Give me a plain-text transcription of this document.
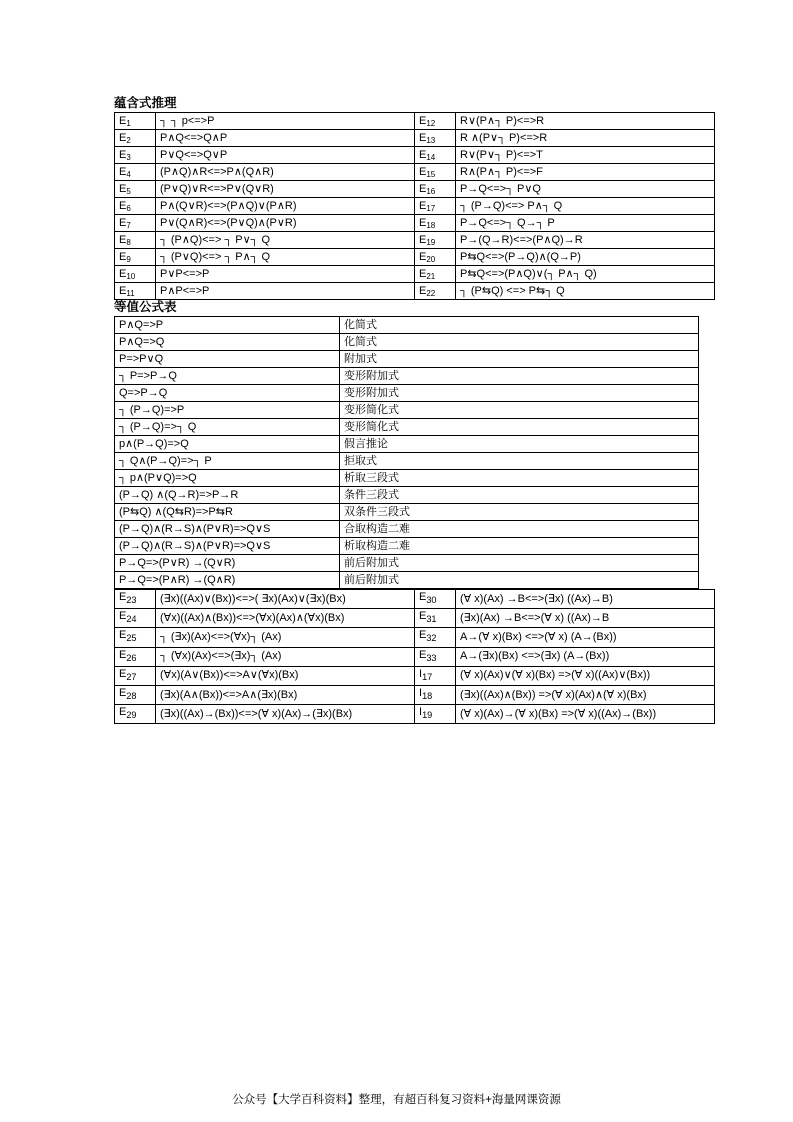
蕴含式推理
$E_1$	┐ ┐ p<=>P	$E_{12}$	R∨(P∧┐ P)<=>R
$E_2$	P∧Q<=>Q∧P	$E_{13}$	R ∧(P∨┐ P)<=>R
$E_3$	P∨Q<=>Q∨P	$E_{14}$	R∨(P∨┐ P)<=>T
$E_4$	(P∧Q)∧R<=>P∧(Q∧R)	$E_{15}$	R∧(P∧┐ P)<=>F
$E_5$	(P∨Q)∨R<=>P∨(Q∨R)	$E_{16}$	P→Q<=>┐ P∨Q
$E_6$	P∧(Q∨R)<=>(P∧Q)∨(P∧R)	$E_{17}$	┐ (P→Q)<=> P∧┐ Q
$E_7$	P∨(Q∧R)<=>(P∨Q)∧(P∨R)	$E_{18}$	P→Q<=>┐ Q→┐ P
$E_8$	┐ (P∧Q)<=> ┐ P∨┐ Q	$E_{19}$	P→(Q→R)<=>(P∧Q)→R
$E_9$	┐ (P∨Q)<=> ┐ P∧┐ Q	$E_{20}$	P⇆Q<=>(P→Q)∧(Q→P)
$E_{10}$	P∨P<=>P	$E_{21}$	P⇆Q<=>(P∧Q)∨(┐ P∧┐ Q)
$E_{11}$	P∧P<=>P	$E_{22}$	┐ (P⇆Q) <=> P⇆┐ Q
等值公式表
P∧Q=>P	化简式
P∧Q=>Q	化简式
P=>P∨Q	附加式
┐ P=>P→Q	变形附加式
Q=>P→Q	变形附加式
┐ (P→Q)=>P	变形简化式
┐ (P→Q)=>┐ Q	变形简化式
p∧(P→Q)=>Q	假言推论
┐ Q∧(P→Q)=>┐ P	拒取式
┐ p∧(P∨Q)=>Q	析取三段式
(P→Q) ∧(Q→R)=>P→R	条件三段式
(P⇆Q) ∧(Q⇆R)=>P⇆R	双条件三段式
(P→Q)∧(R→S)∧(P∨R)=>Q∨S	合取构造二难
(P→Q)∧(R→S)∧(P∨R)=>Q∨S	析取构造二难
P→Q=>(P∨R) →(Q∨R)	前后附加式
P→Q=>(P∧R) →(Q∧R)	前后附加式
$E_{23}$	(∃x)((Ax)∨(Bx))<=>( ∃x)(Ax)∨(∃x)(Bx)	$E_{30}$	(∀ x)(Ax) →B<=>(∃x) ((Ax)→B)
$E_{24}$	(∀x)((Ax)∧(Bx))<=>(∀x)(Ax)∧(∀x)(Bx)	$E_{31}$	(∃x)(Ax) →B<=>(∀ x) ((Ax)→B
$E_{25}$	┐ (∃x)(Ax)<=>(∀x)┐ (Ax)	$E_{32}$	A→(∀ x)(Bx) <=>(∀ x) (A→(Bx))
$E_{26}$	┐ (∀x)(Ax)<=>(∃x)┐ (Ax)	$E_{33}$	A→(∃x)(Bx) <=>(∃x) (A→(Bx))
$E_{27}$	(∀x)(A∨(Bx))<=>A∨(∀x)(Bx)	$I_{17}$	(∀ x)(Ax)∨(∀ x)(Bx) =>(∀ x)((Ax)∨(Bx))
$E_{28}$	(∃x)(A∧(Bx))<=>A∧(∃x)(Bx)	$I_{18}$	(∃x)((Ax)∧(Bx)) =>(∀ x)(Ax)∧(∀ x)(Bx)
$E_{29}$	(∃x)((Ax)→(Bx))<=>(∀ x)(Ax)→(∃x)(Bx)	$I_{19}$	(∀ x)(Ax)→(∀ x)(Bx) =>(∀ x)((Ax)→(Bx))
公众号【大学百科资料】整理，有超百科复习资料+海量网课资源
